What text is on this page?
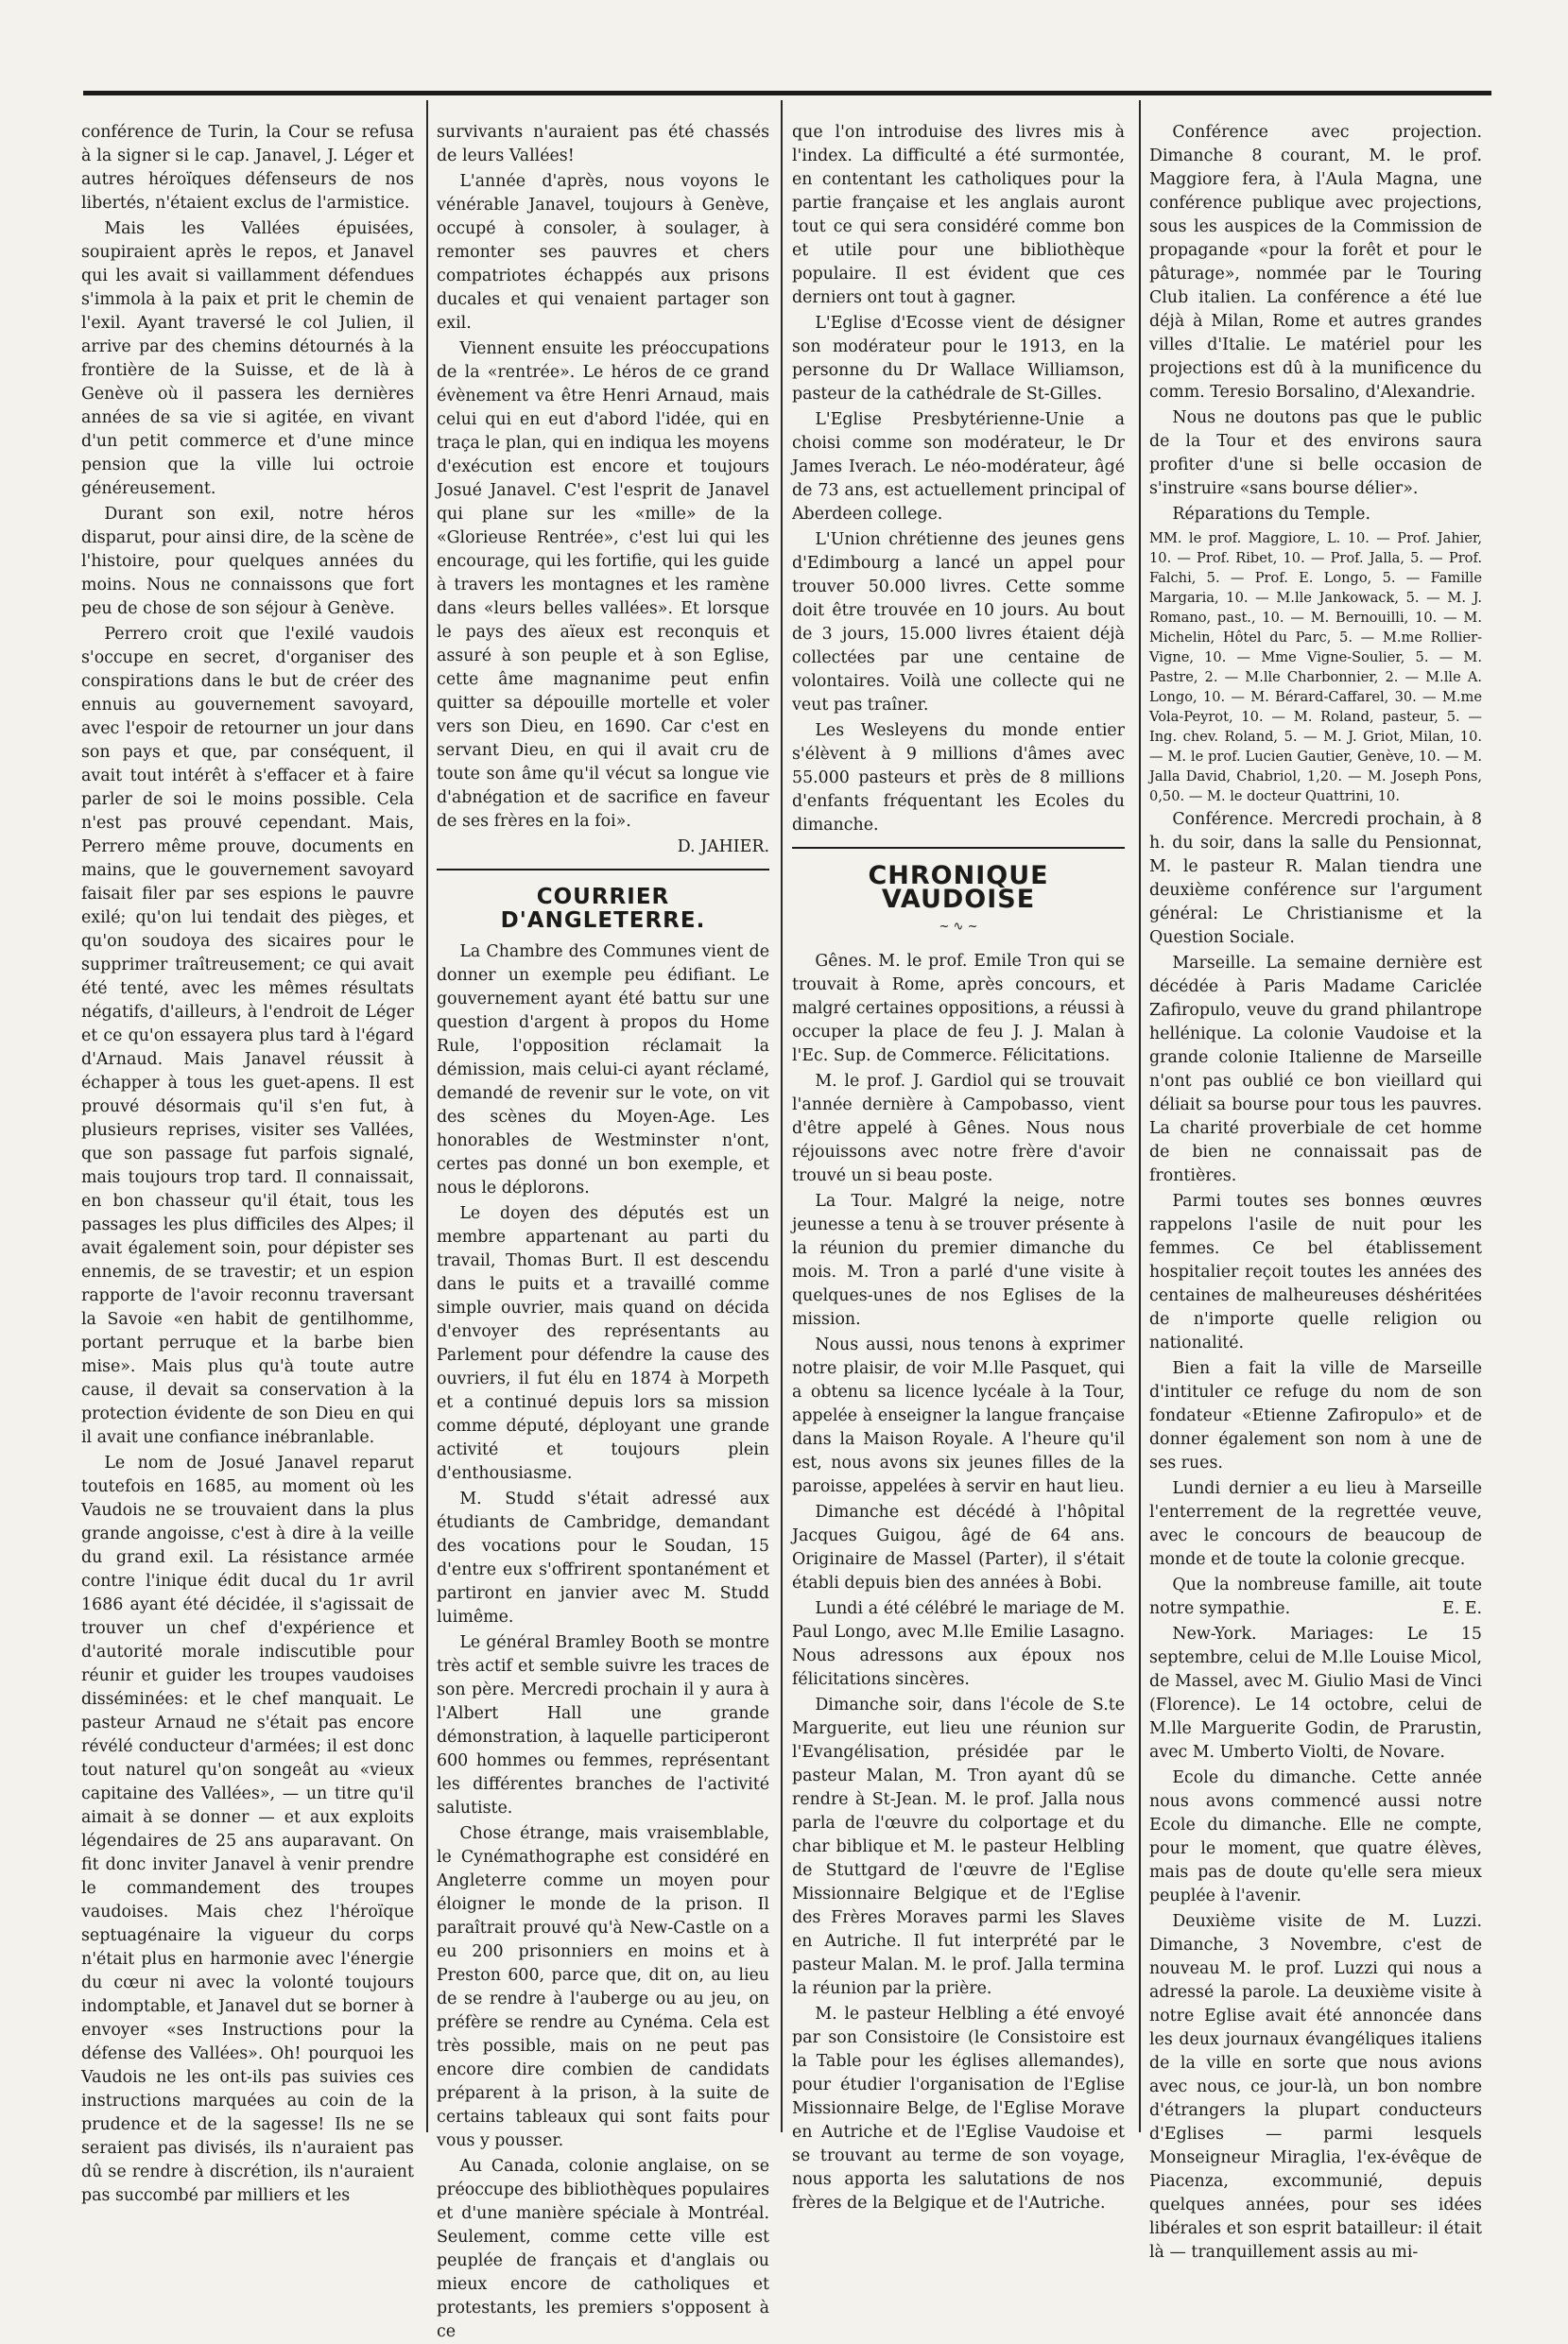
conférence de Turin, la Cour se refusa à la signer si le cap. Janavel, J. Léger et autres héroïques défenseurs de nos libertés, n'étaient exclus de l'armistice.

Mais les Vallées épuisées, soupiraient après le repos, et Janavel qui les avait si vaillamment défendues s'immola à la paix et prit le chemin de l'exil. Ayant traversé le col Julien, il arrive par des chemins détournés à la frontière de la Suisse, et de là à Genève où il passera les dernières années de sa vie si agitée, en vivant d'un petit commerce et d'une mince pension que la ville lui octroie généreusement.

Durant son exil, notre héros disparut, pour ainsi dire, de la scène de l'histoire, pour quelques années du moins. Nous ne connaissons que fort peu de chose de son séjour à Genève.

Perrero croit que l'exilé vaudois s'occupe en secret, d'organiser des conspirations dans le but de créer des ennuis au gouvernement savoyard, avec l'espoir de retourner un jour dans son pays et que, par conséquent, il avait tout intérêt à s'effacer et à faire parler de soi le moins possible. Cela n'est pas prouvé cependant. Mais, Perrero même prouve, documents en mains, que le gouvernement savoyard faisait filer par ses espions le pauvre exilé; qu'on lui tendait des pièges, et qu'on soudoya des sicaires pour le supprimer traîtreusement; ce qui avait été tenté, avec les mêmes résultats négatifs, d'ailleurs, à l'endroit de Léger et ce qu'on essayera plus tard à l'égard d'Arnaud. Mais Janavel réussit à échapper à tous les guet-apens. Il est prouvé désormais qu'il s'en fut, à plusieurs reprises, visiter ses Vallées, que son passage fut parfois signalé, mais toujours trop tard. Il connaissait, en bon chasseur qu'il était, tous les passages les plus difficiles des Alpes; il avait également soin, pour dépister ses ennemis, de se travestir; et un espion rapporte de l'avoir reconnu traversant la Savoie «en habit de gentilhomme, portant perruque et la barbe bien mise». Mais plus qu'à toute autre cause, il devait sa conservation à la protection évidente de son Dieu en qui il avait une confiance inébranlable.

Le nom de Josué Janavel reparut toutefois en 1685, au moment où les Vaudois ne se trouvaient dans la plus grande angoisse, c'est à dire à la veille du grand exil. La résistance armée contre l'inique édit ducal du 1r avril 1686 ayant été décidée, il s'agissait de trouver un chef d'expérience et d'autorité morale indiscutible pour réunir et guider les troupes vaudoises disséminées: et le chef manquait. Le pasteur Arnaud ne s'était pas encore révélé conducteur d'armées; il est donc tout naturel qu'on songeât au «vieux capitaine des Vallées», — un titre qu'il aimait à se donner — et aux exploits légendaires de 25 ans auparavant. On fit donc inviter Janavel à venir prendre le commandement des troupes vaudoises. Mais chez l'héroïque septuagénaire la vigueur du corps n'était plus en harmonie avec l'énergie du cœur ni avec la volonté toujours indomptable, et Janavel dut se borner à envoyer «ses Instructions pour la défense des Vallées». Oh! pourquoi les Vaudois ne les ont-ils pas suivies ces instructions marquées au coin de la prudence et de la sagesse! Ils ne se seraient pas divisés, ils n'auraient pas dû se rendre à discrétion, ils n'auraient pas succombé par milliers et les

survivants n'auraient pas été chassés de leurs Vallées!

L'année d'après, nous voyons le vénérable Janavel, toujours à Genève, occupé à consoler, à soulager, à remonter ses pauvres et chers compatriotes échappés aux prisons ducales et qui venaient partager son exil.

Viennent ensuite les préoccupations de la «rentrée». Le héros de ce grand évènement va être Henri Arnaud, mais celui qui en eut d'abord l'idée, qui en traça le plan, qui en indiqua les moyens d'exécution est encore et toujours Josué Janavel. C'est l'esprit de Janavel qui plane sur les «mille» de la «Glorieuse Rentrée», c'est lui qui les encourage, qui les fortifie, qui les guide à travers les montagnes et les ramène dans «leurs belles vallées». Et lorsque le pays des aïeux est reconquis et assuré à son peuple et à son Eglise, cette âme magnanime peut enfin quitter sa dépouille mortelle et voler vers son Dieu, en 1690. Car c'est en servant Dieu, en qui il avait cru de toute son âme qu'il vécut sa longue vie d'abnégation et de sacrifice en faveur de ses frères en la foi».

D. JAHIER.

COURRIER D'ANGLETERRE.

La Chambre des Communes vient de donner un exemple peu édifiant. Le gouvernement ayant été battu sur une question d'argent à propos du Home Rule, l'opposition réclamait la démission, mais celui-ci ayant réclamé, demandé de revenir sur le vote, on vit des scènes du Moyen-Age. Les honorables de Westminster n'ont, certes pas donné un bon exemple, et nous le déplorons.

Le doyen des députés est un membre appartenant au parti du travail, Thomas Burt. Il est descendu dans le puits et a travaillé comme simple ouvrier, mais quand on décida d'envoyer des représentants au Parlement pour défendre la cause des ouvriers, il fut élu en 1874 à Morpeth et a continué depuis lors sa mission comme député, déployant une grande activité et toujours plein d'enthousiasme.

M. Studd s'était adressé aux étudiants de Cambridge, demandant des vocations pour le Soudan, 15 d'entre eux s'offrirent spontanément et partiront en janvier avec M. Studd luimême.

Le général Bramley Booth se montre très actif et semble suivre les traces de son père. Mercredi prochain il y aura à l'Albert Hall une grande démonstration, à laquelle participeront 600 hommes ou femmes, représentant les différentes branches de l'activité salutiste.

Chose étrange, mais vraisemblable, le Cynémathographe est considéré en Angleterre comme un moyen pour éloigner le monde de la prison. Il paraîtrait prouvé qu'à New-Castle on a eu 200 prisonniers en moins et à Preston 600, parce que, dit on, au lieu de se rendre à l'auberge ou au jeu, on préfère se rendre au Cynéma. Cela est très possible, mais on ne peut pas encore dire combien de candidats préparent à la prison, à la suite de certains tableaux qui sont faits pour vous y pousser.

Au Canada, colonie anglaise, on se préoccupe des bibliothèques populaires et d'une manière spéciale à Montréal. Seulement, comme cette ville est peuplée de français et d'anglais ou mieux encore de catholiques et protestants, les premiers s'opposent à ce

que l'on introduise des livres mis à l'index. La difficulté a été surmontée, en contentant les catholiques pour la partie française et les anglais auront tout ce qui sera considéré comme bon et utile pour une bibliothèque populaire. Il est évident que ces derniers ont tout à gagner.

L'Eglise d'Ecosse vient de désigner son modérateur pour le 1913, en la personne du Dr Wallace Williamson, pasteur de la cathédrale de St-Gilles.

L'Eglise Presbytérienne-Unie a choisi comme son modérateur, le Dr James Iverach. Le néo-modérateur, âgé de 73 ans, est actuellement principal of Aberdeen college.

L'Union chrétienne des jeunes gens d'Edimbourg a lancé un appel pour trouver 50.000 livres. Cette somme doit être trouvée en 10 jours. Au bout de 3 jours, 15.000 livres étaient déjà collectées par une centaine de volontaires. Voilà une collecte qui ne veut pas traîner.

Les Wesleyens du monde entier s'élèvent à 9 millions d'âmes avec 55.000 pasteurs et près de 8 millions d'enfants fréquentant les Ecoles du dimanche.

CHRONIQUE VAUDOISE
~ ∿ ~

Gênes. M. le prof. Emile Tron qui se trouvait à Rome, après concours, et malgré certaines oppositions, a réussi à occuper la place de feu J. J. Malan à l'Ec. Sup. de Commerce. Félicitations.

M. le prof. J. Gardiol qui se trouvait l'année dernière à Campobasso, vient d'être appelé à Gênes. Nous nous réjouissons avec notre frère d'avoir trouvé un si beau poste.

La Tour. Malgré la neige, notre jeunesse a tenu à se trouver présente à la réunion du premier dimanche du mois. M. Tron a parlé d'une visite à quelques-unes de nos Eglises de la mission.

Nous aussi, nous tenons à exprimer notre plaisir, de voir M.lle Pasquet, qui a obtenu sa licence lycéale à la Tour, appelée à enseigner la langue française dans la Maison Royale. A l'heure qu'il est, nous avons six jeunes filles de la paroisse, appelées à servir en haut lieu.

Dimanche est décédé à l'hôpital Jacques Guigou, âgé de 64 ans. Originaire de Massel (Parter), il s'était établi depuis bien des années à Bobi.

Lundi a été célébré le mariage de M. Paul Longo, avec M.lle Emilie Lasagno. Nous adressons aux époux nos félicitations sincères.

Dimanche soir, dans l'école de S.te Marguerite, eut lieu une réunion sur l'Evangélisation, présidée par le pasteur Malan, M. Tron ayant dû se rendre à St-Jean. M. le prof. Jalla nous parla de l'œuvre du colportage et du char biblique et M. le pasteur Helbling de Stuttgard de l'œuvre de l'Eglise Missionnaire Belgique et de l'Eglise des Frères Moraves parmi les Slaves en Autriche. Il fut interprété par le pasteur Malan. M. le prof. Jalla termina la réunion par la prière.

M. le pasteur Helbling a été envoyé par son Consistoire (le Consistoire est la Table pour les églises allemandes), pour étudier l'organisation de l'Eglise Missionnaire Belge, de l'Eglise Morave en Autriche et de l'Eglise Vaudoise et se trouvant au terme de son voyage, nous apporta les salutations de nos frères de la Belgique et de l'Autriche.

Conférence avec projection. Dimanche 8 courant, M. le prof. Maggiore fera, à l'Aula Magna, une conférence publique avec projections, sous les auspices de la Commission de propagande «pour la forêt et pour le pâturage», nommée par le Touring Club italien. La conférence a été lue déjà à Milan, Rome et autres grandes villes d'Italie. Le matériel pour les projections est dû à la munificence du comm. Teresio Borsalino, d'Alexandrie.

Nous ne doutons pas que le public de la Tour et des environs saura profiter d'une si belle occasion de s'instruire «sans bourse délier».

Réparations du Temple.

MM. le prof. Maggiore, L. 10. — Prof. Jahier, 10. — Prof. Ribet, 10. — Prof. Jalla, 5. — Prof. Falchi, 5. — Prof. E. Longo, 5. — Famille Margaria, 10. — M.lle Jankowack, 5. — M. J. Romano, past., 10. — M. Bernouilli, 10. — M. Michelin, Hôtel du Parc, 5. — M.me Rollier-Vigne, 10. — Mme Vigne-Soulier, 5. — M. Pastre, 2. — M.lle Charbonnier, 2. — M.lle A. Longo, 10. — M. Bérard-Caffarel, 30. — M.me Vola-Peyrot, 10. — M. Roland, pasteur, 5. — Ing. chev. Roland, 5. — M. J. Griot, Milan, 10. — M. le prof. Lucien Gautier, Genève, 10. — M. Jalla David, Chabriol, 1,20. — M. Joseph Pons, 0,50. — M. le docteur Quattrini, 10.

Conférence. Mercredi prochain, à 8 h. du soir, dans la salle du Pensionnat, M. le pasteur R. Malan tiendra une deuxième conférence sur l'argument général: Le Christianisme et la Question Sociale.

Marseille. La semaine dernière est décédée à Paris Madame Cariclée Zafiropulo, veuve du grand philantrope hellénique. La colonie Vaudoise et la grande colonie Italienne de Marseille n'ont pas oublié ce bon vieillard qui déliait sa bourse pour tous les pauvres. La charité proverbiale de cet homme de bien ne connaissait pas de frontières.

Parmi toutes ses bonnes œuvres rappelons l'asile de nuit pour les femmes. Ce bel établissement hospitalier reçoit toutes les années des centaines de malheureuses déshéritées de n'importe quelle religion ou nationalité.

Bien a fait la ville de Marseille d'intituler ce refuge du nom de son fondateur «Etienne Zafiropulo» et de donner également son nom à une de ses rues.

Lundi dernier a eu lieu à Marseille l'enterrement de la regrettée veuve, avec le concours de beaucoup de monde et de toute la colonie grecque.

Que la nombreuse famille, ait toute notre sympathie.	E. E.

New-York. Mariages: Le 15 septembre, celui de M.lle Louise Micol, de Massel, avec M. Giulio Masi de Vinci (Florence). Le 14 octobre, celui de M.lle Marguerite Godin, de Prarustin, avec M. Umberto Violti, de Novare.

Ecole du dimanche. Cette année nous avons commencé aussi notre Ecole du dimanche. Elle ne compte, pour le moment, que quatre élèves, mais pas de doute qu'elle sera mieux peuplée à l'avenir.

Deuxième visite de M. Luzzi. Dimanche, 3 Novembre, c'est de nouveau M. le prof. Luzzi qui nous a adressé la parole. La deuxième visite à notre Eglise avait été annoncée dans les deux journaux évangéliques italiens de la ville en sorte que nous avions avec nous, ce jour-là, un bon nombre d'étrangers la plupart conducteurs d'Eglises — parmi lesquels Monseigneur Miraglia, l'ex-évêque de Piacenza, excommunié, depuis quelques années, pour ses idées libérales et son esprit batailleur: il était là — tranquillement assis au mi-
